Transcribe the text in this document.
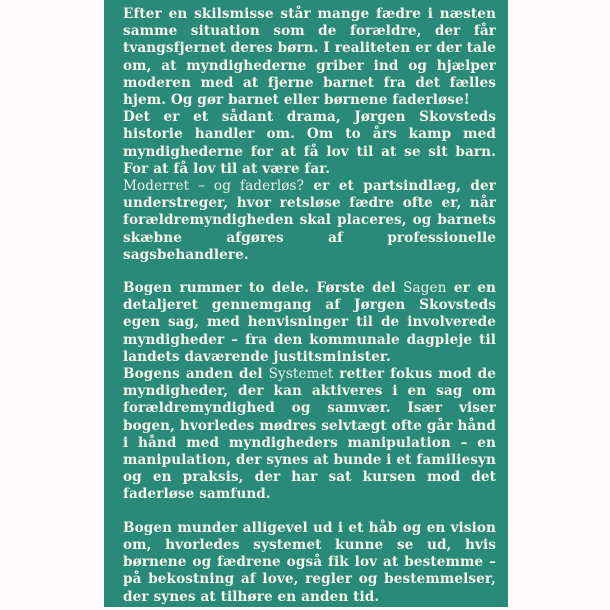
Efter en skilsmisse står mange fædre i næsten samme situation som de forældre, der får tvangsfjernet deres børn. I realiteten er der tale om, at myndighederne griber ind og hjælper moderen med at fjerne barnet fra det fælles hjem. Og gør barnet eller børnene faderløse!

Det er et sådant drama, Jørgen Skovsteds historie handler om. Om to års kamp med myndighederne for at få lov til at se sit barn. For at få lov til at være far.

Moderret – og faderløs? er et partsindlæg, der understreger, hvor retsløse fædre ofte er, når forældremyndigheden skal placeres, og barnets skæbne afgøres af professionelle sagsbehandlere.

Bogen rummer to dele. Første del Sagen er en detaljeret gennemgang af Jørgen Skovsteds egen sag, med henvisninger til de involverede myndigheder – fra den kommunale dagpleje til landets daværende justitsminister.

Bogens anden del Systemet retter fokus mod de myndigheder, der kan aktiveres i en sag om forældremyndighed og samvær. Især viser bogen, hvorledes mødres selvtægt ofte går hånd i hånd med myndigheders manipulation – en manipulation, der synes at bunde i et familiesyn og en praksis, der har sat kursen mod det faderløse samfund.

Bogen munder alligevel ud i et håb og en vision om, hvorledes systemet kunne se ud, hvis børnene og fædrene også fik lov at bestemme – på bekostning af love, regler og bestemmelser, der synes at tilhøre en anden tid.
